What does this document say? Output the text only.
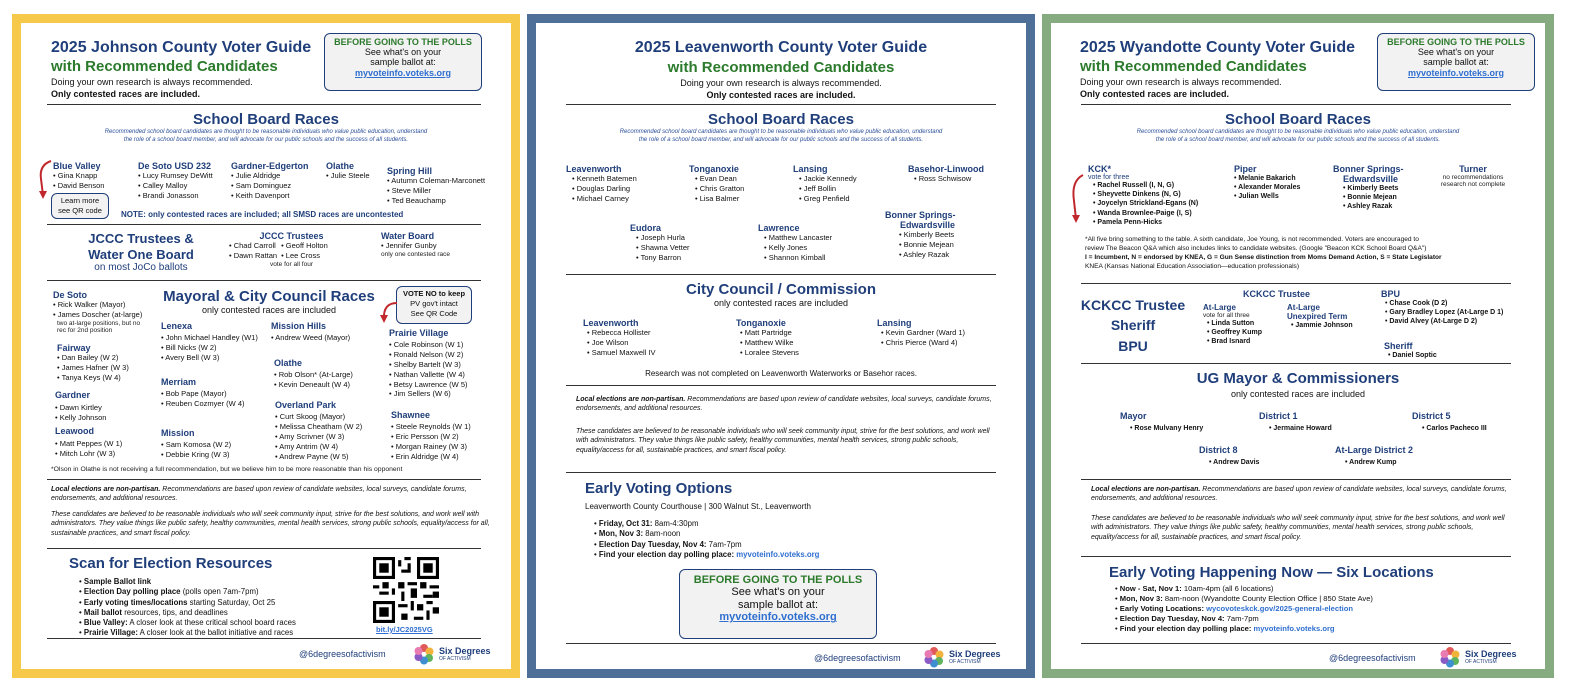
2025 Johnson County Voter Guide
with Recommended Candidates
Doing your own research is always recommended.
Only contested races are included.
BEFORE GOING TO THE POLLS
See what's on your
sample ballot at:
myvoteinfo.voteks.org
School Board Races
Recommended school board candidates are thought to be reasonable individuals who value public education, understand
the role of a school board member, and will advocate for our public schools and the success of all students.
Blue Valley
• Gina Knapp
• David Benson
De Soto USD 232
• Lucy Rumsey DeWitt
• Calley Malloy
• Brandi Jonasson
Gardner-Edgerton
• Julie Aldridge
• Sam Dominguez
• Keith Davenport
Olathe
• Julie Steele Spring Hill
• Autumn Coleman-Marconett
• Steve Miller
• Ted Beauchamp
Learn more
see QR code	NOTE: only contested races are included; all SMSD races are uncontested
JCCC Trustees &
Water One Board
on most JoCo ballots
JCCC Trustees
• Chad Carroll
• Dawn Rattan
• Geoff Holton
• Lee Cross
vote for all four
Water Board
• Jennifer Gunby
only one contested race
Mayoral & City Council Races
only contested races are included
VOTE NO to keep
PV gov't intact
See QR Code
De Soto
• Rick Walker (Mayor)
• James Doscher (at-large)
two at-large positions, but no
rec for 2nd position
Fairway
• Dan Bailey (W 2)
• James Hafner (W 3)
• Tanya Keys (W 4)
Gardner
• Dawn Kirtley
• Kelly Johnson
Leawood
• Matt Peppes (W 1)
• Mitch Lohr (W 3)
Lenexa
• John Michael Handley (W1)
• Bill Nicks (W 2)
• Avery Bell (W 3)
Merriam
• Bob Pape (Mayor)
• Reuben Cozmyer (W 4)
Mission
• Sam Komosa (W 2)
• Debbie Kring (W 3)
Mission Hills
• Andrew Weed (Mayor)
Olathe
• Rob Olson* (At-Large)
• Kevin Deneault (W 4)
Overland Park
• Curt Skoog (Mayor)
• Melissa Cheatham (W 2)
• Amy Scrivner (W 3)
• Amy Antrim (W 4)
• Andrew Payne (W 5)
Prairie Village
• Cole Robinson (W 1)
• Ronald Nelson (W 2)
• Shelby Bartelt (W 3)
• Nathan Vallette (W 4)
• Betsy Lawrence (W 5)
• Jim Sellers (W 6)
Shawnee
• Steele Reynolds (W 1)
• Eric Persson (W 2)
• Morgan Rainey (W 3)
• Erin Aldridge (W 4)
*Olson in Olathe is not receiving a full recommendation, but we believe him to be more reasonable than his opponent
Local elections are non-partisan. Recommendations are based upon review of candidate websites, local surveys, candidate forums, endorsements, and additional resources.
These candidates are believed to be reasonable individuals who will seek community input, strive for the best solutions, and work well with administrators. They value things like public safety, healthy communities, mental health services, strong public schools, equality/access for all, sustainable practices, and smart fiscal policy.
Scan for Election Resources
• Sample Ballot link
• Election Day polling place (polls open 7am-7pm)
• Early voting times/locations starting Saturday, Oct 25
• Mail ballot resources, tips, and deadlines
• Blue Valley: A closer look at these critical school board races
• Prairie Village: A closer look at the ballot initiative and races	bit.ly/JC2025VG
@6degreesofactivism	Six Degrees
OF ACTIVISM
2025 Leavenworth County Voter Guide
with Recommended Candidates
Doing your own research is always recommended.
Only contested races are included.
School Board Races
Recommended school board candidates are thought to be reasonable individuals who value public education, understand
the role of a school board member, and will advocate for our public schools and the success of all students.
Leavenworth
• Kenneth Batemen
• Douglas Darling
• Michael Carney
Tonganoxie
• Evan Dean
• Chris Gratton
• Lisa Balmer
Lansing
• Jackie Kennedy
• Jeff Bollin
• Greg Penfield
Basehor-Linwood
• Ross Schwisow
Eudora
• Joseph Hurla
• Shawna Vetter
• Tony Barron
Lawrence
• Matthew Lancaster
• Kelly Jones
• Shannon Kimball
Bonner Springs-
Edwardsville
• Kimberly Beets
• Bonnie Mejean
• Ashley Razak
City Council / Commission
only contested races are included
Leavenworth
• Rebecca Hollister
• Joe Wilson
• Samuel Maxwell IV
Tonganoxie
• Matt Partridge
• Matthew Wilke
• Loralee Stevens
Lansing
• Kevin Gardner (Ward 1)
• Chris Pierce (Ward 4)
Research was not completed on Leavenworth Waterworks or Basehor races.
Local elections are non-partisan. Recommendations are based upon review of candidate websites, local surveys, candidate forums, endorsements, and additional resources.
These candidates are believed to be reasonable individuals who will seek community input, strive for the best solutions, and work well with administrators. They value things like public safety, healthy communities, mental health services, strong public schools, equality/access for all, sustainable practices, and smart fiscal policy.
Early Voting Options
Leavenworth County Courthouse | 300 Walnut St., Leavenworth
• Friday, Oct 31: 8am-4:30pm
• Mon, Nov 3: 8am-noon
• Election Day Tuesday, Nov 4: 7am-7pm
• Find your election day polling place: myvoteinfo.voteks.org
BEFORE GOING TO THE POLLS
See what's on your
sample ballot at:
myvoteinfo.voteks.org
@6degreesofactivism	Six Degrees
OF ACTIVISM
2025 Wyandotte County Voter Guide
with Recommended Candidates
Doing your own research is always recommended.
Only contested races are included.
BEFORE GOING TO THE POLLS
See what's on your
sample ballot at:
myvoteinfo.voteks.org
School Board Races
Recommended school board candidates are thought to be reasonable individuals who value public education, understand
the role of a school board member, and will advocate for our public schools and the success of all students.
KCK*
vote for three
• Rachel Russell (I, N, G)
• Sheyvette Dinkens (N, G)
• Joycelyn Strickland-Egans (N)
• Wanda Brownlee-Paige (I, S)
• Pamela Penn-Hicks
Piper
• Melanie Bakarich
• Alexander Morales
• Julian Wells
Bonner Springs-
Edwardsville
• Kimberly Beets
• Bonnie Mejean
• Ashley Razak
Turner
no recommendations
research not complete
*All five bring something to the table. A sixth candidate, Joe Young, is not recommended. Voters are encouraged to
review The Beacon Q&A which also includes links to candidate websites. (Google "Beacon KCK School Board Q&A")
I = Incumbent, N = endorsed by KNEA, G = Gun Sense distinction from Moms Demand Action, S = State Legislator
KNEA (Kansas National Education Association—education professionals)
KCKCC Trustee
Sheriff
BPU
KCKCC Trustee
At-Large
vote for all three
• Linda Sutton
• Geoffrey Kump
• Brad Isnard
At-Large
Unexpired Term
• Jammie Johnson
BPU
• Chase Cook (D 2)
• Gary Bradley Lopez (At-Large D 1)
• David Alvey (At-Large D 2)
Sheriff
• Daniel Soptic
UG Mayor & Commissioners
only contested races are included
Mayor
• Rose Mulvany Henry
District 1
• Jermaine Howard
District 5
• Carlos Pacheco III
District 8
• Andrew Davis
At-Large District 2
• Andrew Kump
Local elections are non-partisan. Recommendations are based upon review of candidate websites, local surveys, candidate forums, endorsements, and additional resources.
These candidates are believed to be reasonable individuals who will seek community input, strive for the best solutions, and work well with administrators. They value things like public safety, healthy communities, mental health services, strong public schools, equality/access for all, sustainable practices, and smart fiscal policy.
Early Voting Happening Now — Six Locations
• Now - Sat, Nov 1: 10am-4pm (all 6 locations)
• Mon, Nov 3: 8am-noon (Wyandotte County Election Office | 850 State Ave)
• Early Voting Locations: wycovoteskck.gov/2025-general-election
• Election Day Tuesday, Nov 4: 7am-7pm
• Find your election day polling place: myvoteinfo.voteks.org
@6degreesofactivism	Six Degrees
OF ACTIVISM
